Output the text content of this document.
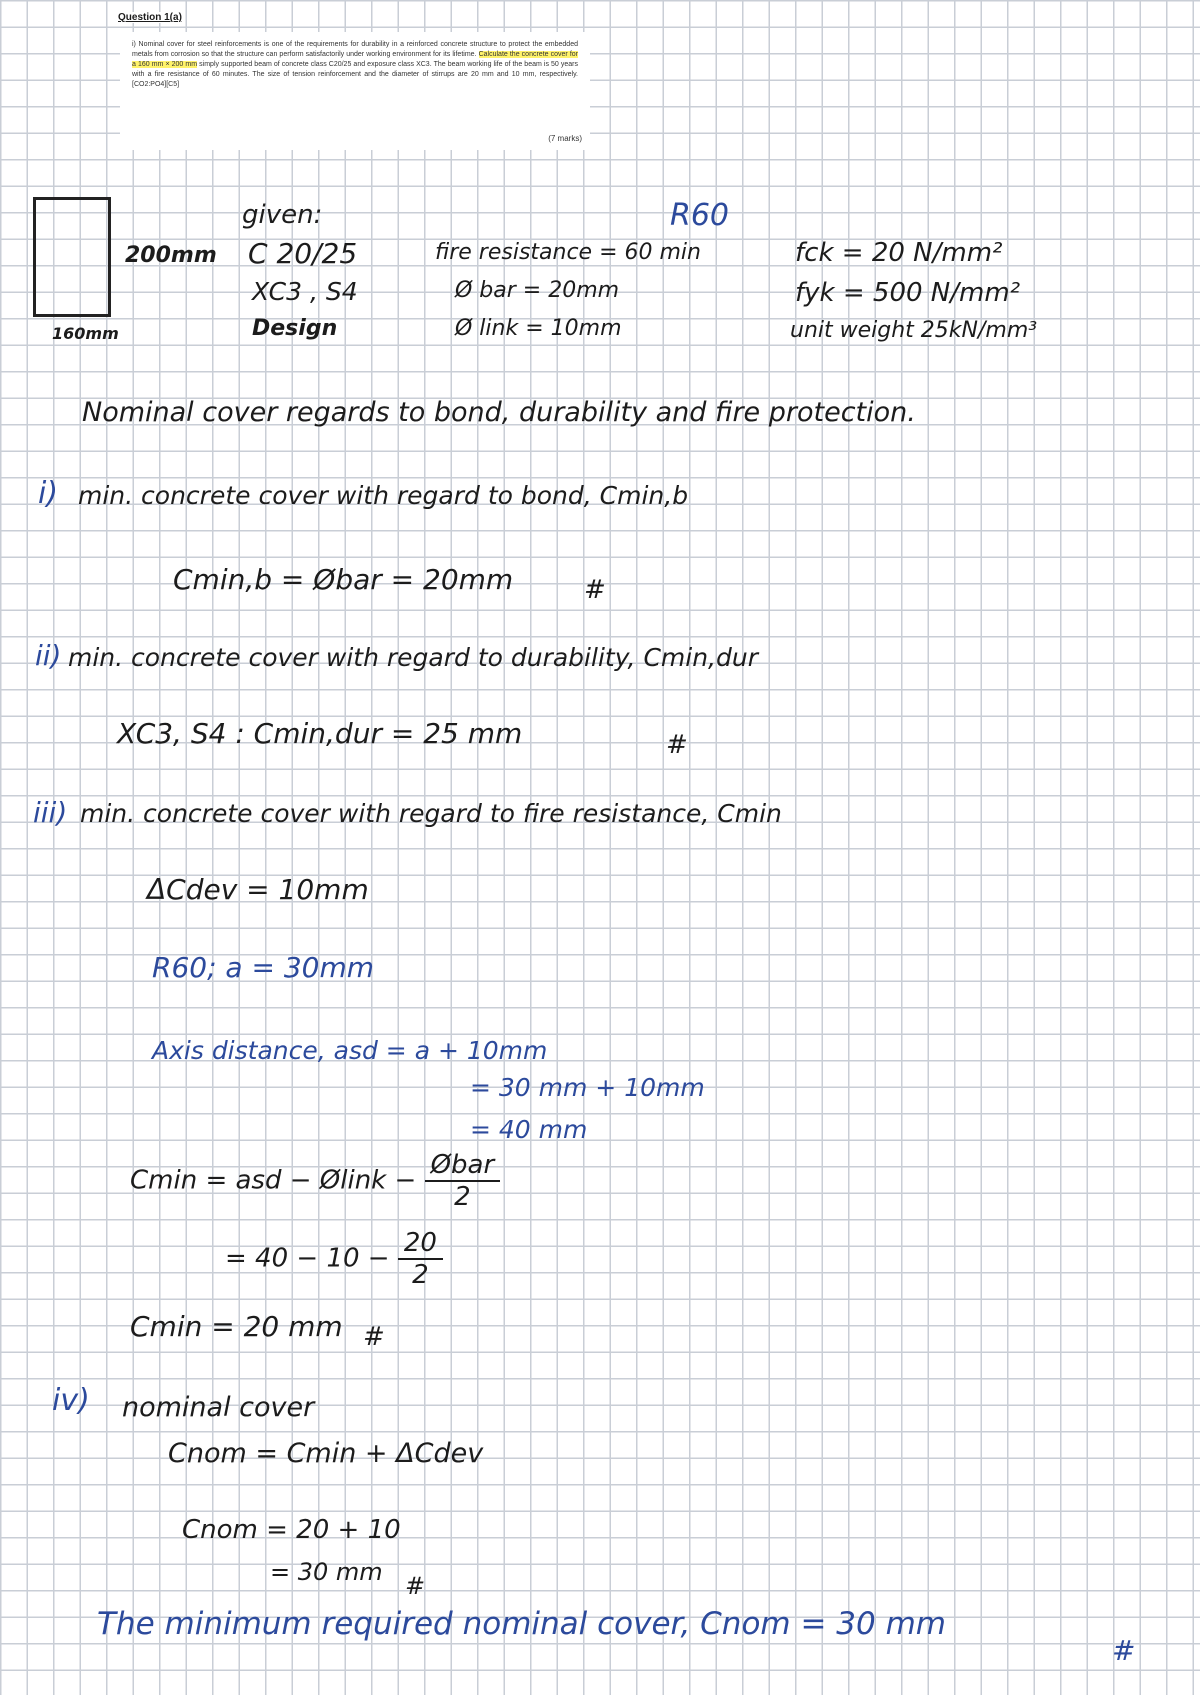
Question 1(a)
i) Nominal cover for steel reinforcements is one of the requirements for durability in a reinforced concrete structure to protect the embedded metals from corrosion so that the structure can perform satisfactorily under working environment for its lifetime. Calculate the concrete cover for a 160 mm × 200 mm simply supported beam of concrete class C20/25 and exposure class XC3. The beam working life of the beam is 50 years with a fire resistance of 60 minutes. The size of tension reinforcement and the diameter of stirrups are 20 mm and 10 mm, respectively. [CO2:PO4][C5]
(7 marks)
200mm
160mm
given:	R60
C 20/25
XC3 , S4
Design
fire resistance = 60 min
Ø bar = 20mm
Ø link = 10mm
fck = 20 N/mm²
fyk = 500 N/mm²
unit weight 25kN/mm³
Nominal cover regards to bond, durability and fire protection.
i) min. concrete cover with regard to bond, Cmin,b
Cmin,b = Øbar = 20mm	#
ii) min. concrete cover with regard to durability, Cmin,dur
XC3, S4 : Cmin,dur = 25 mm	#
iii) min. concrete cover with regard to fire resistance, Cmin
ΔCdev = 10mm
R60; a = 30mm
Axis distance, asd = a + 10mm
= 30 mm + 10mm
= 40 mm
Cmin = asd − Ølink − $\frac{\text{Øbar}}{2}$
= $40 - 10 - \frac{20}{2}$
Cmin = 20 mm #
iv) nominal cover
Cnom = Cmin + ΔCdev
Cnom = 20 + 10
= 30 mm #
The minimum required nominal cover, Cnom = 30 mm
#
